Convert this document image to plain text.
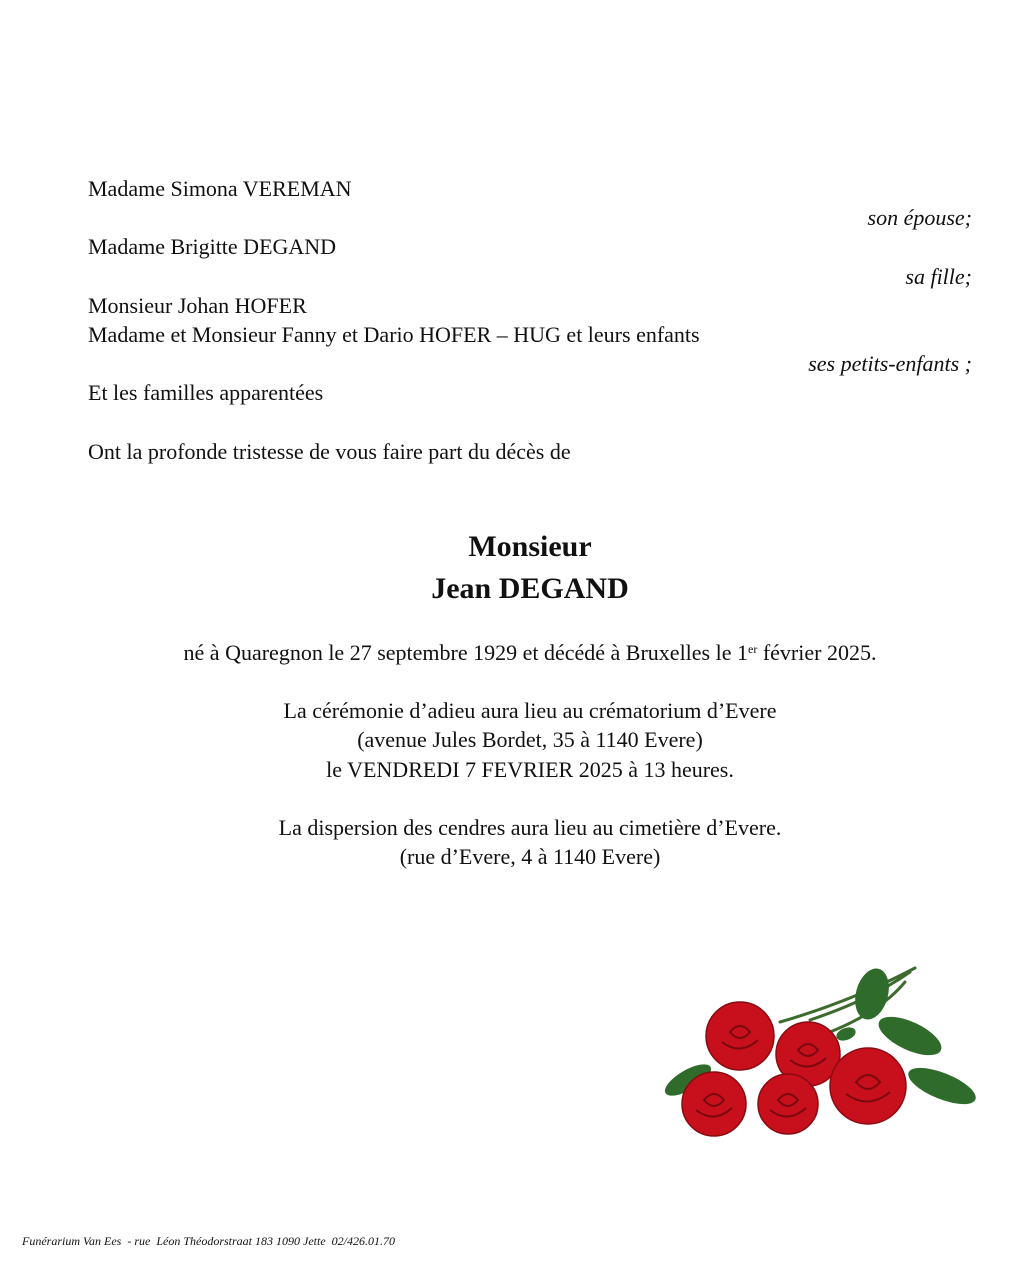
Madame Simona VEREMAN
son épouse;
Madame Brigitte DEGAND
sa fille;
Monsieur Johan HOFER
Madame et Monsieur Fanny et Dario HOFER – HUG et leurs enfants
ses petits-enfants ;
Et les familles apparentées
Ont la profonde tristesse de vous faire part du décès de
Monsieur
Jean DEGAND
né à Quaregnon le 27 septembre 1929 et décédé à Bruxelles le 1er février 2025.
La cérémonie d’adieu aura lieu au crématorium d’Evere
(avenue Jules Bordet, 35 à 1140 Evere)
le VENDREDI 7 FEVRIER 2025 à 13 heures.
La dispersion des cendres aura lieu au cimetière d’Evere.
(rue d’Evere, 4 à 1140 Evere)
Funérarium Van Ees  - rue  Léon Théodorstraat 183 1090 Jette  02/426.01.70
